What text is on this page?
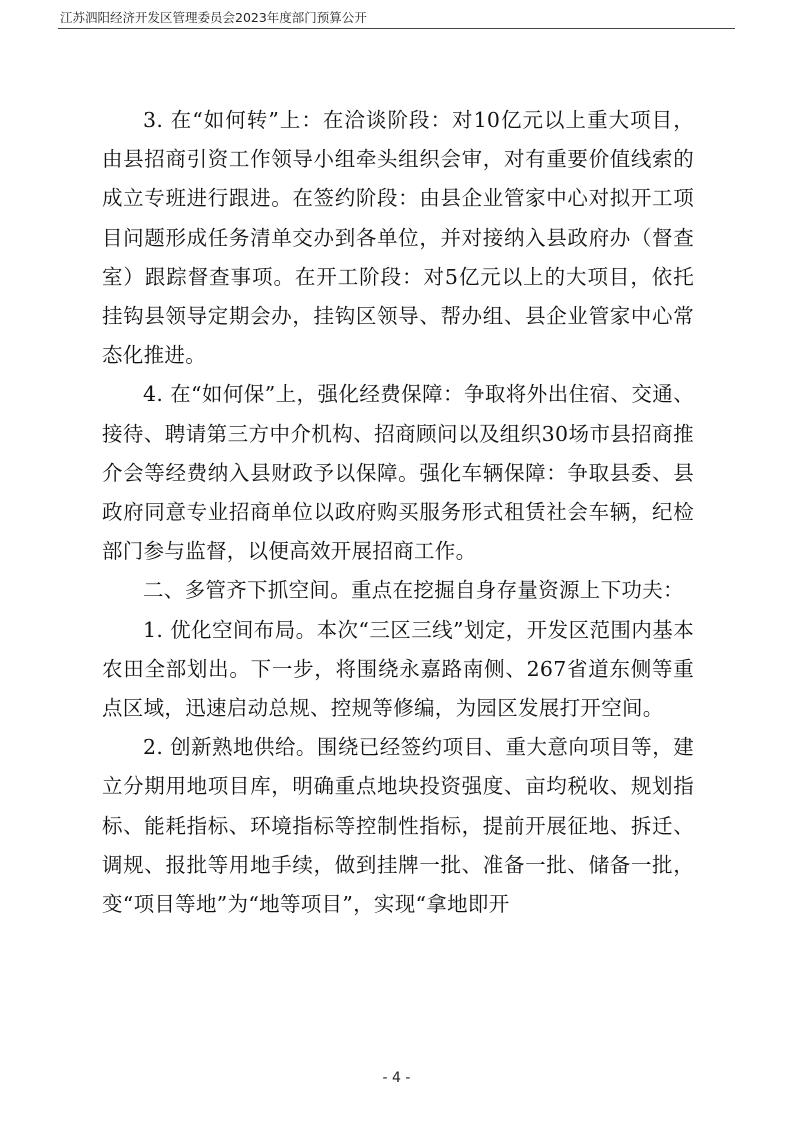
江苏泗阳经济开发区管理委员会2023年度部门预算公开

3. 在“如何转”上：在洽谈阶段：对10亿元以上重大项目，由县招商引资工作领导小组牵头组织会审，对有重要价值线索的成立专班进行跟进。在签约阶段：由县企业管家中心对拟开工项目问题形成任务清单交办到各单位，并对接纳入县政府办（督查室）跟踪督查事项。在开工阶段：对5亿元以上的大项目，依托挂钩县领导定期会办，挂钩区领导、帮办组、县企业管家中心常态化推进。

4. 在“如何保”上，强化经费保障：争取将外出住宿、交通、接待、聘请第三方中介机构、招商顾问以及组织30场市县招商推介会等经费纳入县财政予以保障。强化车辆保障：争取县委、县政府同意专业招商单位以政府购买服务形式租赁社会车辆，纪检部门参与监督，以便高效开展招商工作。

二、多管齐下抓空间。重点在挖掘自身存量资源上下功夫：

1. 优化空间布局。本次“三区三线”划定，开发区范围内基本农田全部划出。下一步，将围绕永嘉路南侧、267省道东侧等重点区域，迅速启动总规、控规等修编，为园区发展打开空间。

2. 创新熟地供给。围绕已经签约项目、重大意向项目等，建立分期用地项目库，明确重点地块投资强度、亩均税收、规划指标、能耗指标、环境指标等控制性指标，提前开展征地、拆迁、调规、报批等用地手续，做到挂牌一批、准备一批、储备一批，变“项目等地”为“地等项目”，实现“拿地即开

- 4 -
